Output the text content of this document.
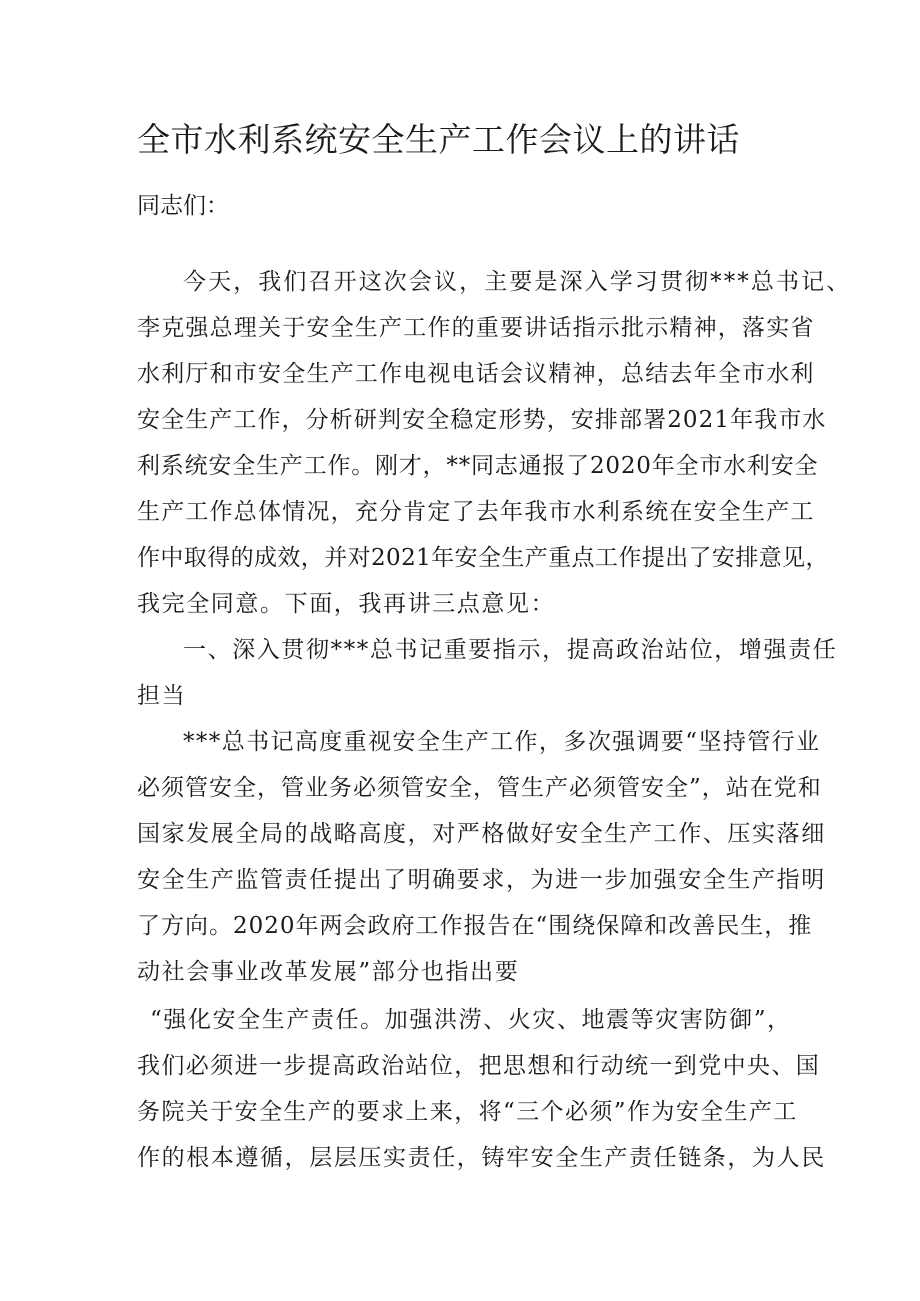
全市水利系统安全生产工作会议上的讲话
同志们：
今天，我们召开这次会议，主要是深入学习贯彻***总书记、
李克强总理关于安全生产工作的重要讲话指示批示精神，落实省
水利厅和市安全生产工作电视电话会议精神，总结去年全市水利
安全生产工作，分析研判安全稳定形势，安排部署2021年我市水
利系统安全生产工作。刚才，**同志通报了2020年全市水利安全
生产工作总体情况，充分肯定了去年我市水利系统在安全生产工
作中取得的成效，并对2021年安全生产重点工作提出了安排意见，
我完全同意。下面，我再讲三点意见：
一、深入贯彻***总书记重要指示，提高政治站位，增强责任
担当
***总书记高度重视安全生产工作，多次强调要“坚持管行业
必须管安全，管业务必须管安全，管生产必须管安全”，站在党和
国家发展全局的战略高度，对严格做好安全生产工作、压实落细
安全生产监管责任提出了明确要求，为进一步加强安全生产指明
了方向。2020年两会政府工作报告在“围绕保障和改善民生，推
动社会事业改革发展”部分也指出要
“强化安全生产责任。加强洪涝、火灾、地震等灾害防御”，
我们必须进一步提高政治站位，把思想和行动统一到党中央、国
务院关于安全生产的要求上来，将“三个必须”作为安全生产工
作的根本遵循，层层压实责任，铸牢安全生产责任链条，为人民
